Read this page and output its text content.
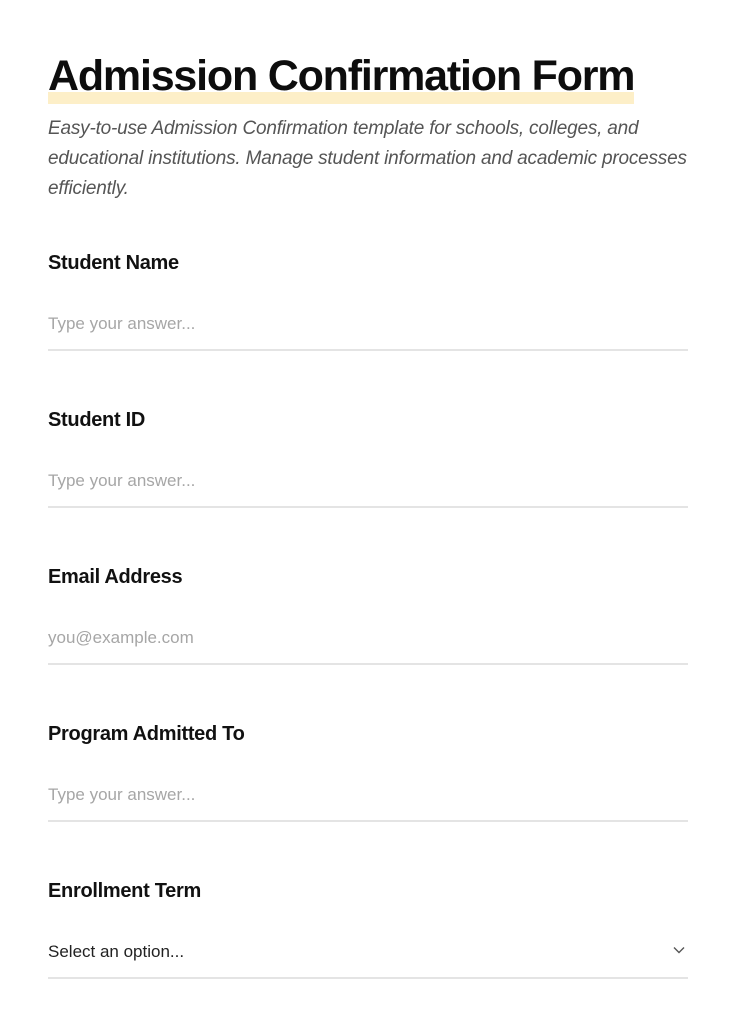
Admission Confirmation Form
Easy-to-use Admission Confirmation template for schools, colleges, and educational institutions. Manage student information and academic processes efficiently.
Student Name
Type your answer...
Student ID
Type your answer...
Email Address
you@example.com
Program Admitted To
Type your answer...
Enrollment Term
Select an option...
